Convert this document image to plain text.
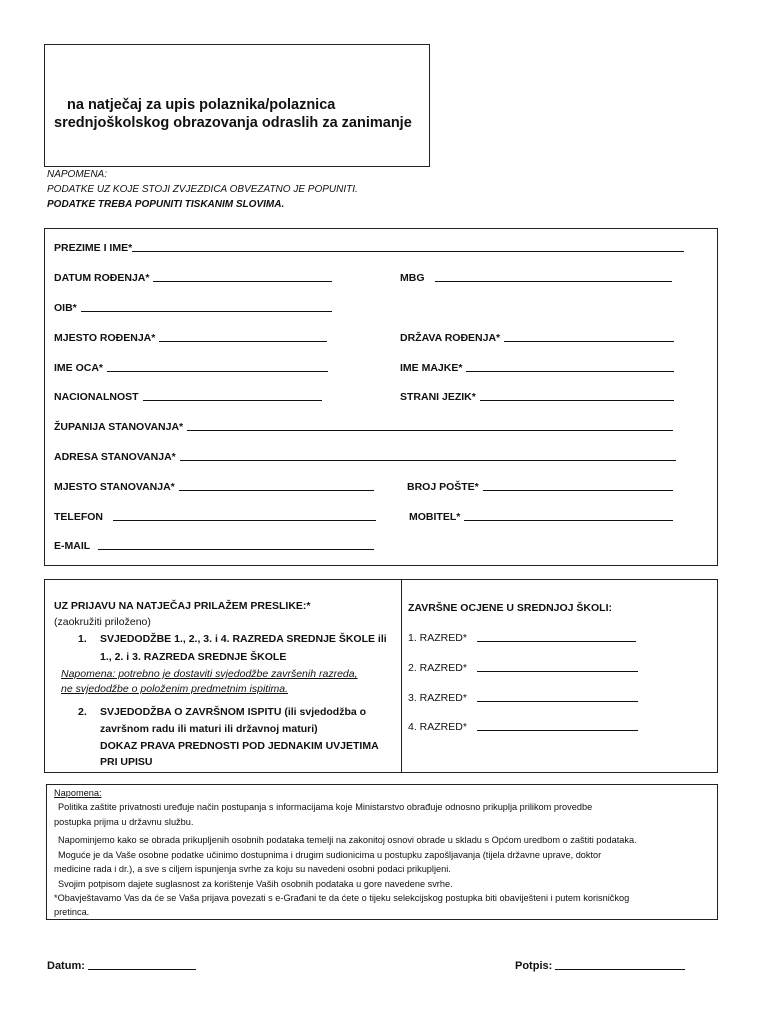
na natječaj za upis polaznika/polaznica
srednjoškolskog obrazovanja odraslih za zanimanje
NAPOMENA:
PODATKE UZ KOJE STOJI ZVJEZDICA OBVEZATNO JE POPUNITI.
PODATKE TREBA POPUNITI TISKANIM SLOVIMA.
PREZIME I IME*
DATUM ROĐENJA*	MBG
OIB*
MJESTO ROĐENJA*	DRŽAVA ROĐENJA*
IME OCA*	IME MAJKE*
NACIONALNOST	STRANI JEZIK*
ŽUPANIJA STANOVANJA*
ADRESA STANOVANJA*
MJESTO STANOVANJA*	BROJ POŠTE*
TELEFON	MOBITEL*
E-MAIL
UZ PRIJAVU NA NATJEČAJ PRILAŽEM PRESLIKE:*
(zaokružiti priloženo)
1. SVJEDODŽBE 1., 2., 3. i 4. RAZREDA SREDNJE ŠKOLE ili
1., 2. i 3. RAZREDA SREDNJE ŠKOLE
Napomena: potrebno je dostaviti svjedodžbe završenih razreda,
ne svjedodžbe o položenim predmetnim ispitima.
2. SVJEDODŽBA O ZAVRŠNOM ISPITU (ili svjedodžba o
završnom radu ili maturi ili državnoj maturi)
DOKAZ PRAVA PREDNOSTI POD JEDNAKIM UVJETIMA
PRI UPISU
ZAVRŠNE OCJENE U SREDNJOJ ŠKOLI:
1. RAZRED*
2. RAZRED*
3. RAZRED*
4. RAZRED*
Napomena:
Politika zaštite privatnosti uređuje način postupanja s informacijama koje Ministarstvo obrađuje odnosno prikuplja prilikom provedbe
postupka prijma u državnu službu.
Napominjemo kako se obrada prikupljenih osobnih podataka temelji na zakonitoj osnovi obrade u skladu s Općom uredbom o zaštiti podataka.
Moguće je da Vaše osobne podatke učinimo dostupnima i drugim sudionicima u postupku zapošljavanja (tijela državne uprave, doktor
medicine rada i dr.), a sve s ciljem ispunjenja svrhe za koju su navedeni osobni podaci prikupljeni.
Svojim potpisom dajete suglasnost za korištenje Vaših osobnih podataka u gore navedene svrhe.
*Obavještavamo Vas da će se Vaša prijava povezati s e-Građani te da ćete o tijeku selekcijskog postupka biti obaviješteni i putem korisničkog
pretinca.
Datum:	Potpis:
